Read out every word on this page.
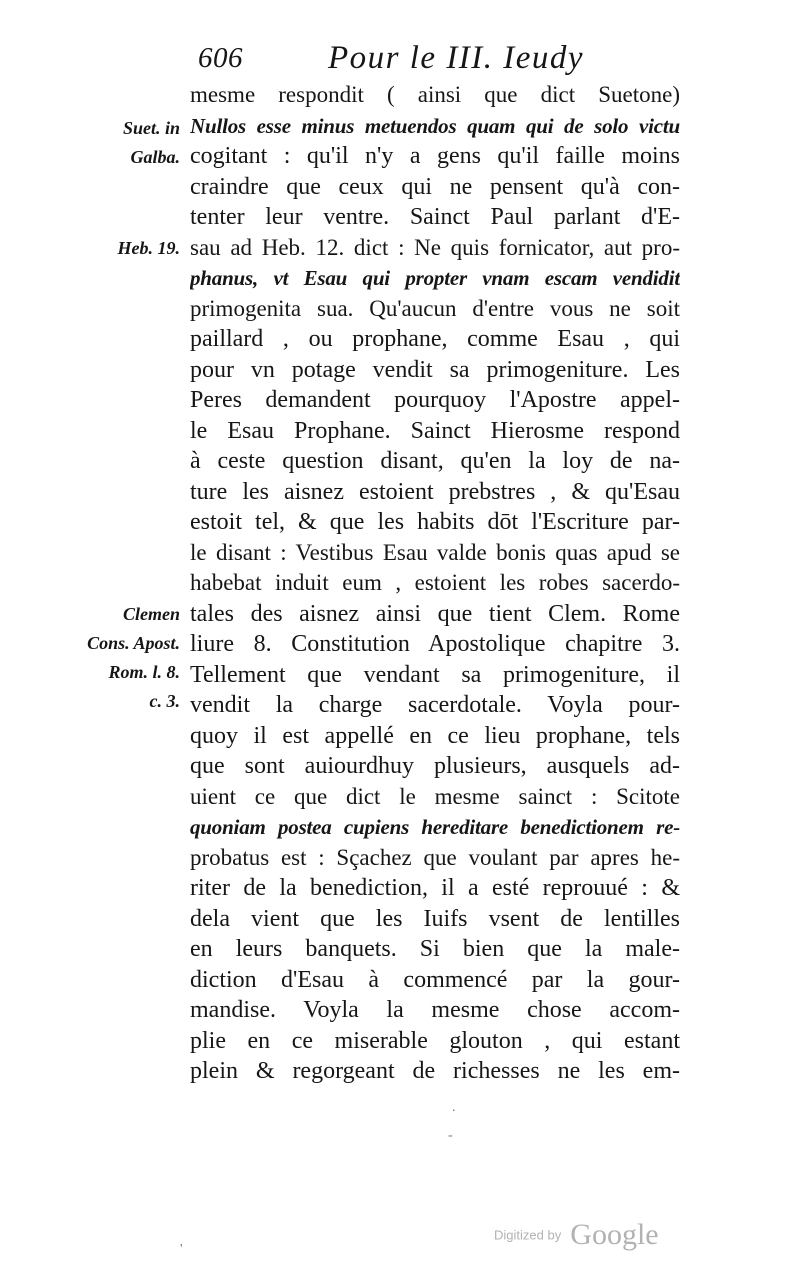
606	Pour le III. Ieudy
Suet. in
Galba.
Heb. 19.
Clemen
Cons. Apost.
Rom. l. 8.
c. 3.
mesme respondit ( ainsi que dict Suetone)
Nullos esse minus metuendos quam qui de solo victu
cogitant : qu'il n'y a gens qu'il faille moins
craindre que ceux qui ne pensent qu'à con-
tenter leur ventre. Sainct Paul parlant d'E-
sau ad Heb. 12. dict : Ne quis fornicator, aut pro-
phanus, vt Esau qui propter vnam escam vendidit
primogenita sua. Qu'aucun d'entre vous ne soit
paillard , ou prophane, comme Esau , qui
pour vn potage vendit sa primogeniture. Les
Peres demandent pourquoy l'Apostre appel-
le Esau Prophane. Sainct Hierosme respond
à ceste question disant, qu'en la loy de na-
ture les aisnez estoient prebstres , & qu'Esau
estoit tel, & que les habits dōt l'Escriture par-
le disant : Vestibus Esau valde bonis quas apud se
habebat induit eum , estoient les robes sacerdo-
tales des aisnez ainsi que tient Clem. Rome
liure 8. Constitution Apostolique chapitre 3.
Tellement que vendant sa primogeniture, il
vendit la charge sacerdotale. Voyla pour-
quoy il est appellé en ce lieu prophane, tels
que sont auiourdhuy plusieurs, ausquels ad-
uient ce que dict le mesme sainct : Scitote
quoniam postea cupiens hereditare benedictionem re-
probatus est : Sçachez que voulant par apres he-
riter de la benediction, il a esté reprouué : &
dela vient que les Iuifs vsent de lentilles
en leurs banquets. Si bien que la male-
diction d'Esau à commencé par la gour-
mandise. Voyla la mesme chose accom-
plie en ce miserable glouton , qui estant
plein & regorgeant de richesses ne les em-
.
-
'
Digitized by Google
